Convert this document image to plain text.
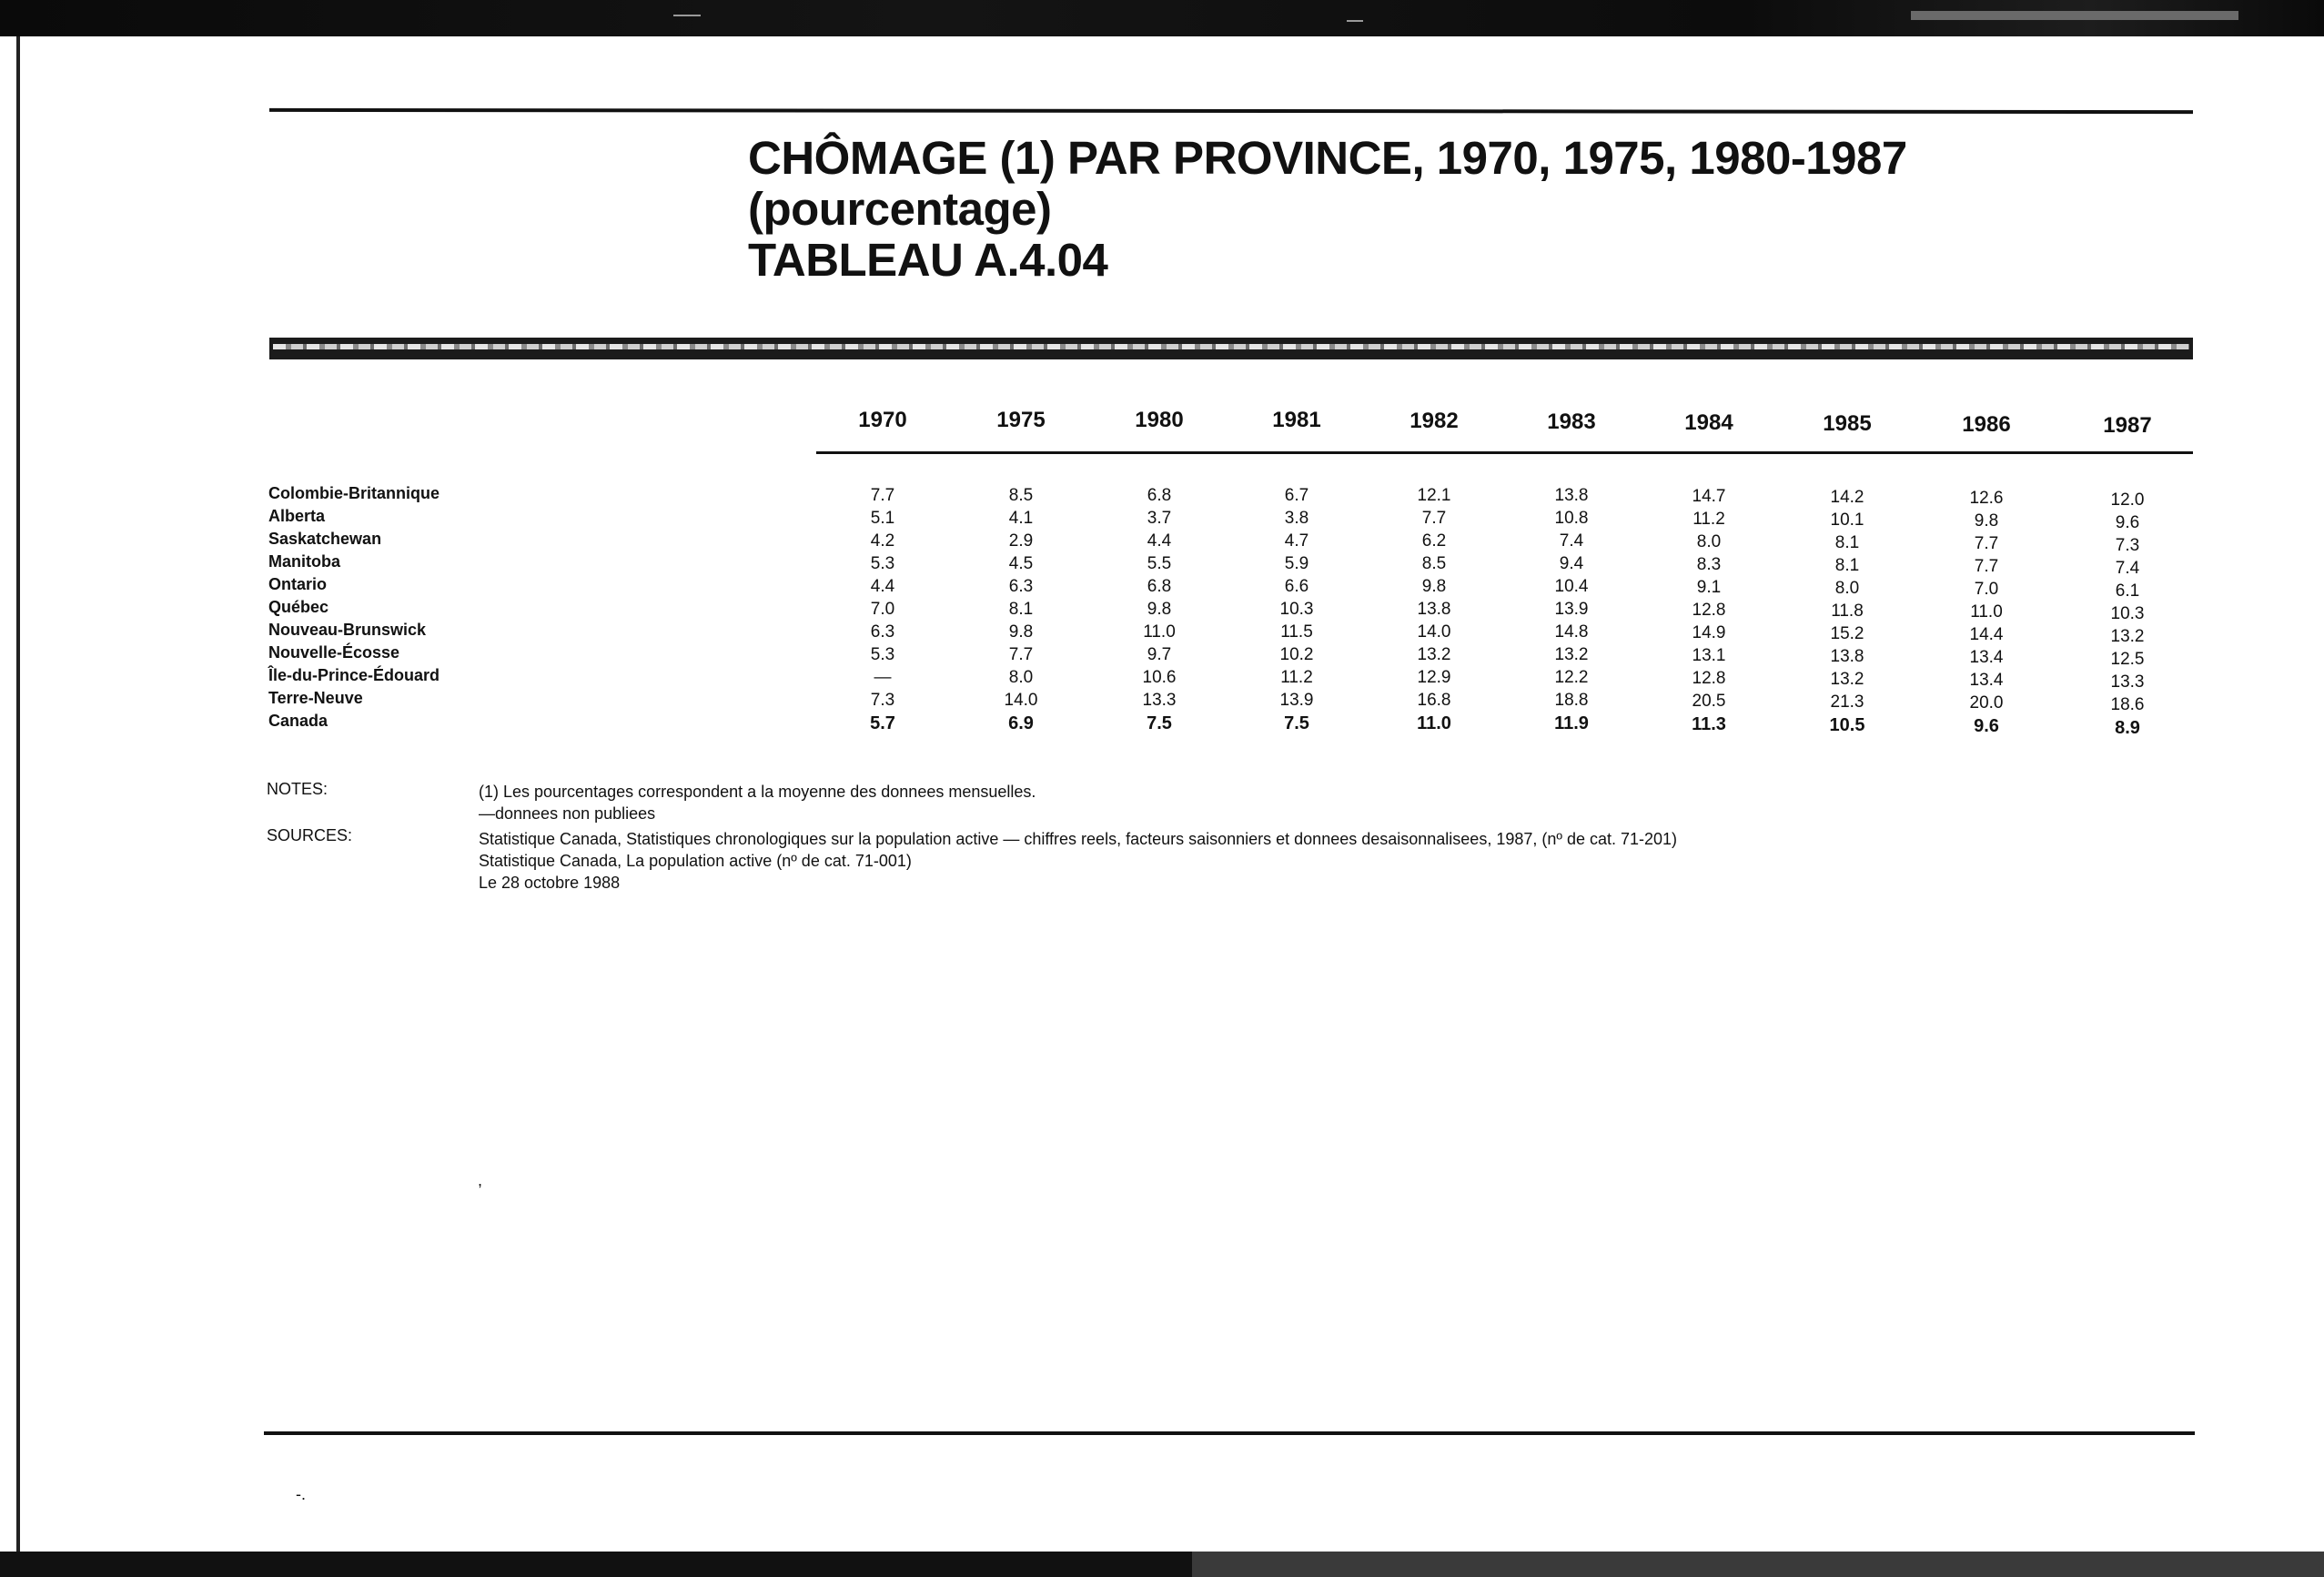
CHÔMAGE (1) PAR PROVINCE, 1970, 1975, 1980-1987
(pourcentage)
TABLEAU A.4.04
1970	1975	1980	1981	1982	1983	1984	1985	1986	1987
Colombie-Britannique	7.7	8.5	6.8	6.7	12.1	13.8	14.7	14.2	12.6	12.0
Alberta	5.1	4.1	3.7	3.8	7.7	10.8	11.2	10.1	9.8	9.6
Saskatchewan	4.2	2.9	4.4	4.7	6.2	7.4	8.0	8.1	7.7	7.3
Manitoba	5.3	4.5	5.5	5.9	8.5	9.4	8.3	8.1	7.7	7.4
Ontario	4.4	6.3	6.8	6.6	9.8	10.4	9.1	8.0	7.0	6.1
Québec	7.0	8.1	9.8	10.3	13.8	13.9	12.8	11.8	11.0	10.3
Nouveau-Brunswick	6.3	9.8	11.0	11.5	14.0	14.8	14.9	15.2	14.4	13.2
Nouvelle-Écosse	5.3	7.7	9.7	10.2	13.2	13.2	13.1	13.8	13.4	12.5
Île-du-Prince-Édouard	—	8.0	10.6	11.2	12.9	12.2	12.8	13.2	13.4	13.3
Terre-Neuve	7.3	14.0	13.3	13.9	16.8	18.8	20.5	21.3	20.0	18.6
Canada	5.7	6.9	7.5	7.5	11.0	11.9	11.3	10.5	9.6	8.9
NOTES:	(1) Les pourcentages correspondent a la moyenne des donnees mensuelles.
—donnees non publiees
SOURCES:	Statistique Canada, Statistiques chronologiques sur la population active — chiffres reels, facteurs saisonniers et donnees desaisonnalisees, 1987, (nº de cat. 71-201)
Statistique Canada, La population active (nº de cat. 71-001)
Le 28 octobre 1988
,
-.
